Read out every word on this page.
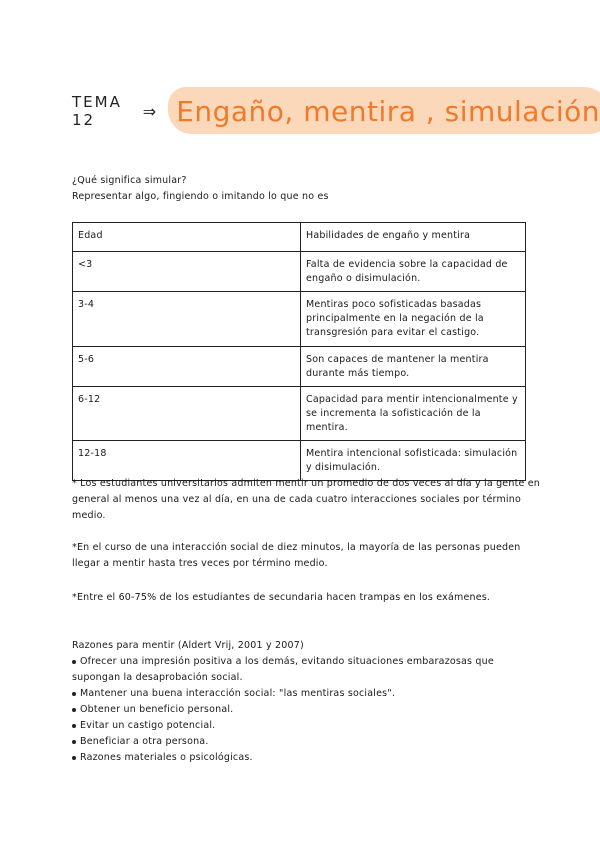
TEMA 12	⇒ Engaño, mentira , simulación
¿Qué significa simular?
Representar algo, fingiendo o imitando lo que no es
Edad	Habilidades de engaño y mentira
<3	Falta de evidencia sobre la capacidad de engaño o disimulación.
3-4	Mentiras poco sofisticadas basadas principalmente en la negación de la transgresión para evitar el castigo.
5-6	Son capaces de mantener la mentira durante más tiempo.
6-12	Capacidad para mentir intencionalmente y se incrementa la sofisticación de la mentira.
12-18	Mentira intencional sofisticada: simulación y disimulación.
* Los estudiantes universitarios admiten mentir un promedio de dos veces al día y la gente en general al menos una vez al día, en una de cada cuatro interacciones sociales por término medio.
*En el curso de una interacción social de diez minutos, la mayoría de las personas pueden llegar a mentir hasta tres veces por término medio.
*Entre el 60-75% de los estudiantes de secundaria hacen trampas en los exámenes.
Razones para mentir (Aldert Vrij, 2001 y 2007)
Ofrecer una impresión positiva a los demás, evitando situaciones embarazosas que supongan la desaprobación social.
Mantener una buena interacción social: "las mentiras sociales".
Obtener un beneficio personal.
Evitar un castigo potencial.
Beneficiar a otra persona.
Razones materiales o psicológicas.
